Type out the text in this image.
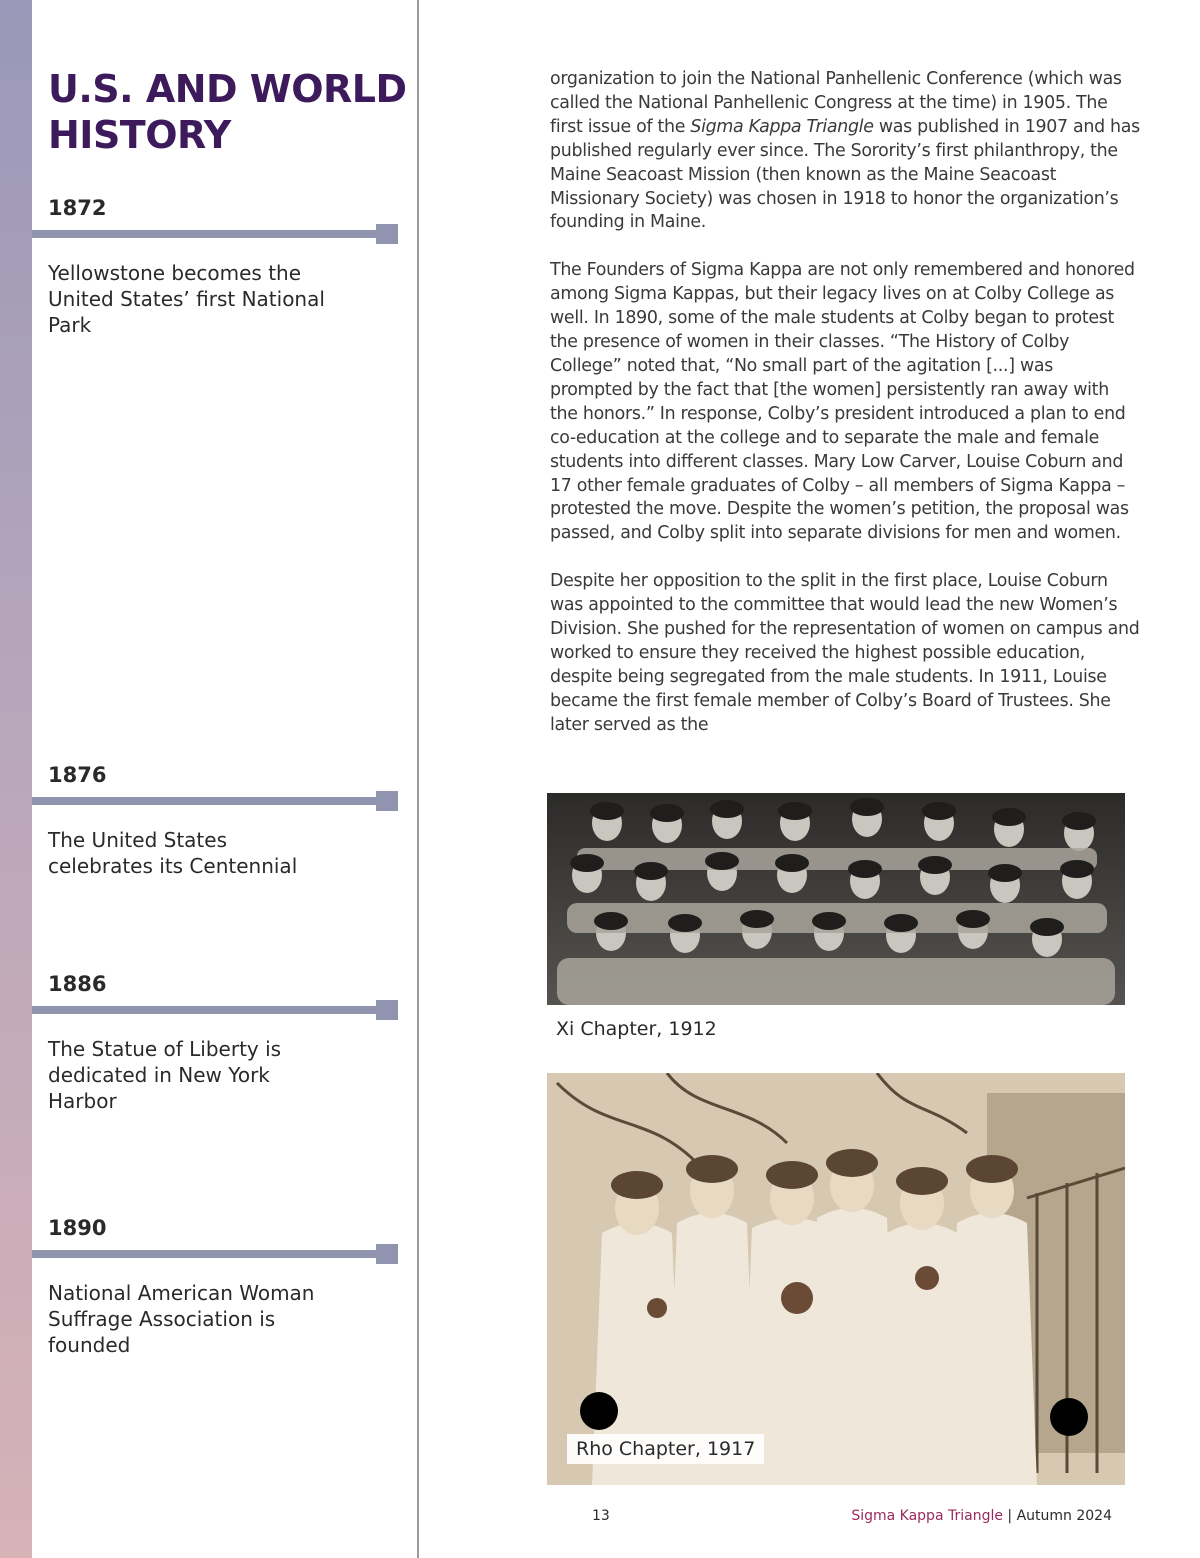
U.S. AND WORLD HISTORY
1872

Yellowstone becomes the United States’ first National Park

1876

The United States celebrates its Centennial

1886

The Statue of Liberty is dedicated in New York Harbor

1890

National American Woman Suffrage Association is founded

organization to join the National Panhellenic Conference (which was called the National Panhellenic Congress at the time) in 1905. The first issue of the Sigma Kappa Triangle was published in 1907 and has published regularly ever since. The Sorority’s first philanthropy, the Maine Seacoast Mission (then known as the Maine Seacoast Missionary Society) was chosen in 1918 to honor the organization’s founding in Maine.

The Founders of Sigma Kappa are not only remembered and honored among Sigma Kappas, but their legacy lives on at Colby College as well. In 1890, some of the male students at Colby began to protest the presence of women in their classes. “The History of Colby College” noted that, “No small part of the agitation [...] was prompted by the fact that [the women] persistently ran away with the honors.” In response, Colby’s president introduced a plan to end co-education at the college and to separate the male and female students into different classes. Mary Low Carver, Louise Coburn and 17 other female graduates of Colby – all members of Sigma Kappa – protested the move. Despite the women’s petition, the proposal was passed, and Colby split into separate divisions for men and women.

Despite her opposition to the split in the first place, Louise Coburn was appointed to the committee that would lead the new Women’s Division. She pushed for the representation of women on campus and worked to ensure they received the highest possible education, despite being segregated from the male students. In 1911, Louise became the first female member of Colby’s Board of Trustees. She later served as the

Xi Chapter, 1912
Rho Chapter, 1917
13	Sigma Kappa Triangle | Autumn 2024
